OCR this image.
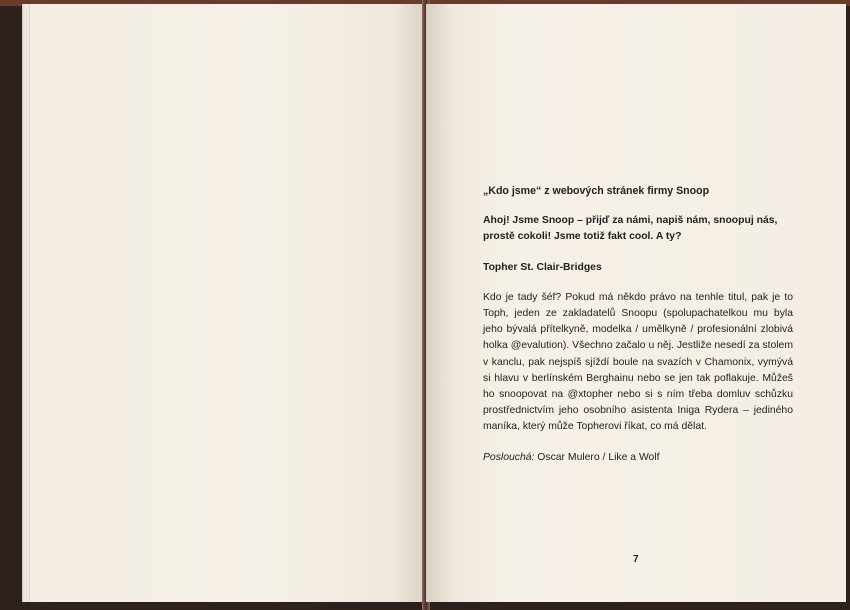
„Kdo jsme“ z webových stránek firmy Snoop

Ahoj! Jsme Snoop – přijď za námi, napiš nám, snoopuj nás, prostě cokoli! Jsme totiž fakt cool. A ty?

Topher St. Clair-Bridges

Kdo je tady šéf? Pokud má někdo právo na tenhle titul, pak je to Toph, jeden ze zakladatelů Snoopu (spolupachatelkou mu byla jeho bývalá přítelkyně, modelka / umělkyně / profesionální zlobivá holka @evalution). Všechno začalo u něj. Jestliže nesedí za stolem v kanclu, pak nejspíš sjíždí boule na svazích v Chamonix, vymývá si hlavu v berlínském Berghainu nebo se jen tak poflakuje. Můžeš ho snoopovat na @xtopher nebo si s ním třeba domluv schůzku prostřednictvím jeho osobního asistenta Iniga Rydera – jediného maníka, který může Topherovi říkat, co má dělat.

Poslouchá: Oscar Mulero / Like a Wolf

7
